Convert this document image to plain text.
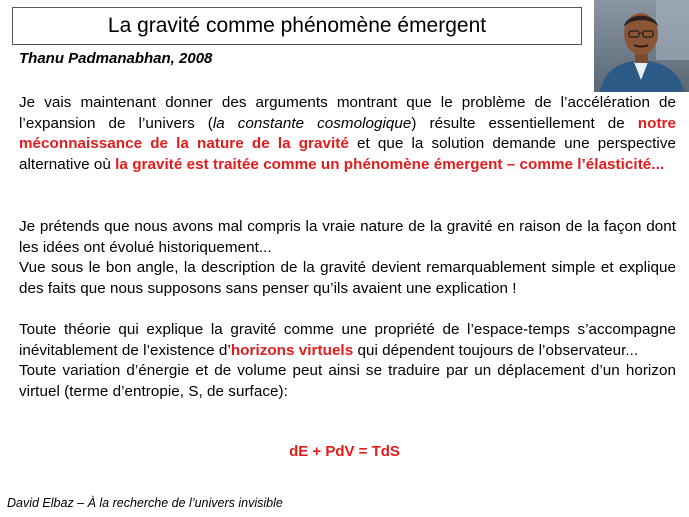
La gravité comme phénomène émergent
Thanu Padmanabhan, 2008

Je vais maintenant donner des arguments montrant que le problème de l’accélération de l’expansion de l’univers (la constante cosmologique) résulte essentiellement de notre méconnaissance de la nature de la gravité et que la solution demande une perspective alternative où la gravité est traitée comme un phénomène émergent – comme l’élasticité...

Je prétends que nous avons mal compris la vraie nature de la gravité en raison de la façon dont les idées ont évolué historiquement...
Vue sous le bon angle, la description de la gravité devient remarquablement simple et explique des faits que nous supposons sans penser qu’ils avaient une explication !

Toute théorie qui explique la gravité comme une propriété de l’espace-temps s’accompagne inévitablement de l’existence d’horizons virtuels qui dépendent toujours de l’observateur...
Toute variation d’énergie et de volume peut ainsi se traduire par un déplacement d’un horizon virtuel (terme d’entropie, S, de surface):

dE + PdV = TdS
David Elbaz – À la recherche de l’univers invisible
